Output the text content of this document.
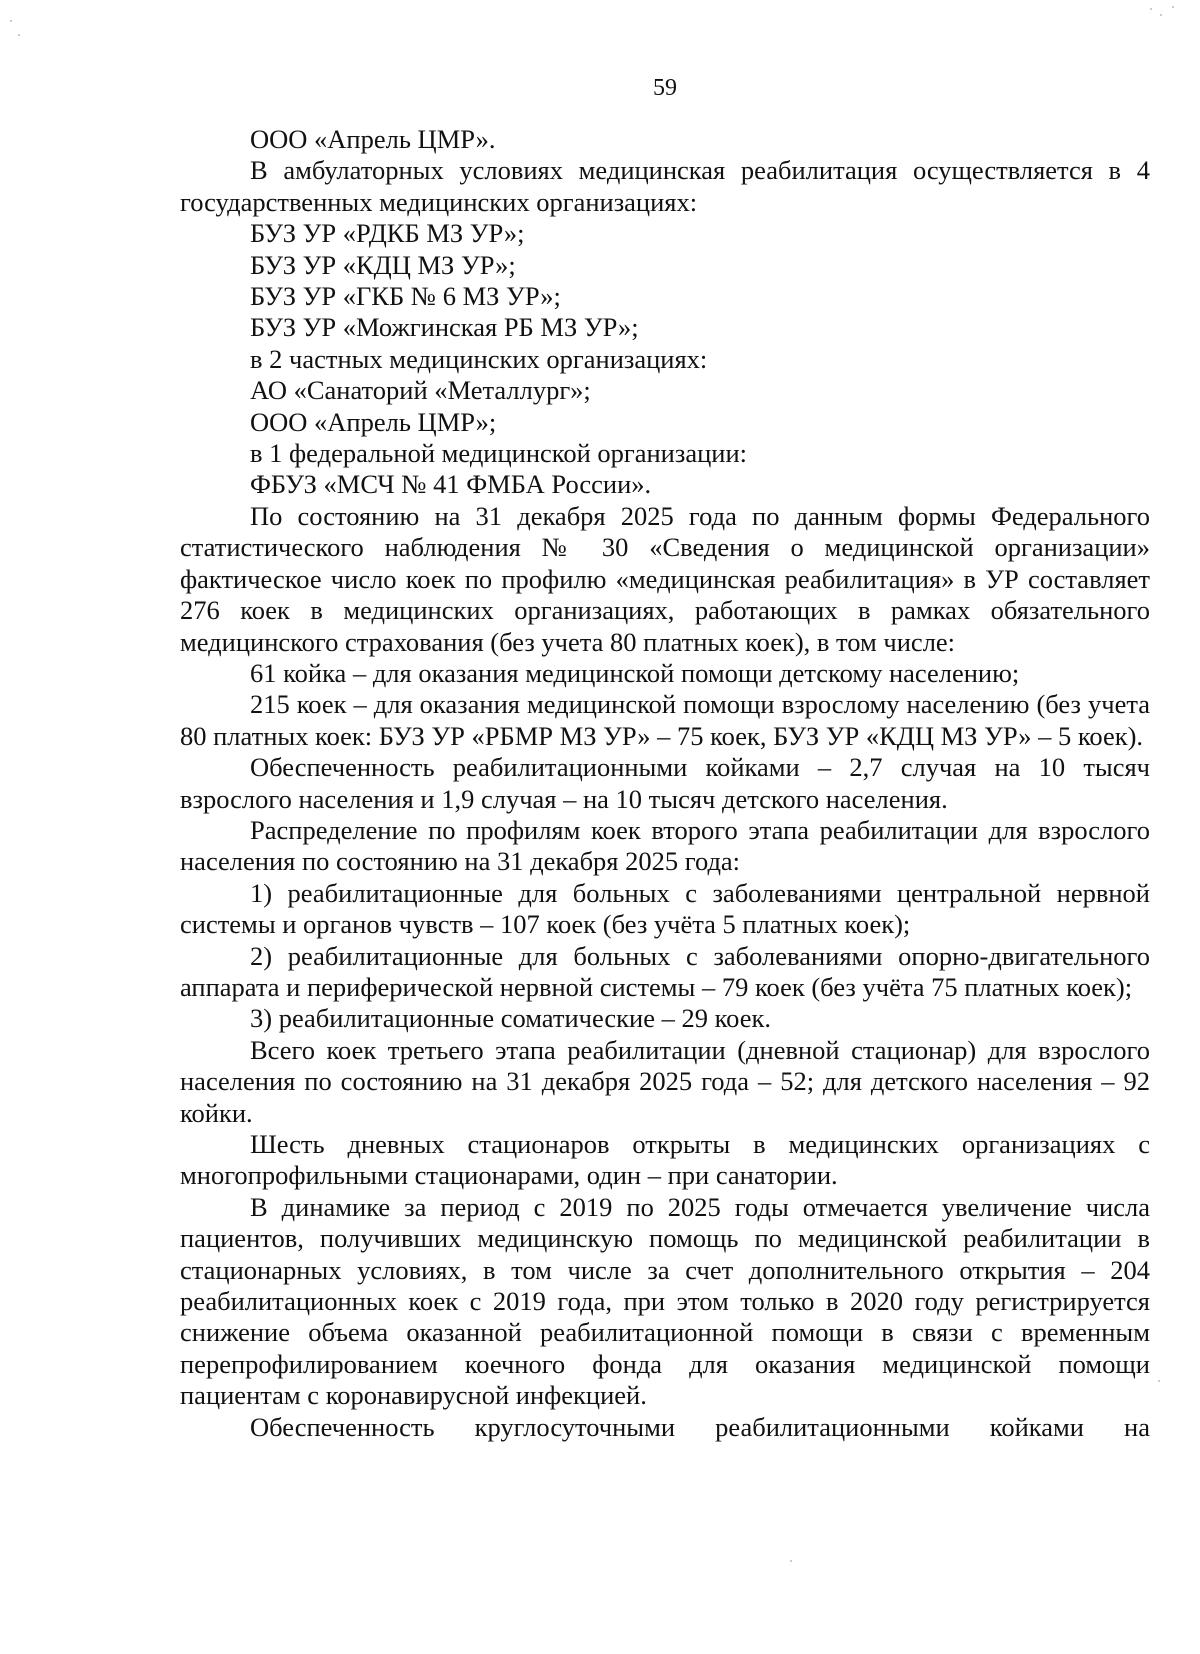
59

ООО «Апрель ЦМР».

В амбулаторных условиях медицинская реабилитация осуществляется в 4 государственных медицинских организациях:

БУЗ УР «РДКБ МЗ УР»;

БУЗ УР «КДЦ МЗ УР»;

БУЗ УР «ГКБ № 6 МЗ УР»;

БУЗ УР «Можгинская РБ МЗ УР»;

в 2 частных медицинских организациях:

АО «Санаторий «Металлург»;

ООО «Апрель ЦМР»;

в 1 федеральной медицинской организации:

ФБУЗ «МСЧ № 41 ФМБА России».

По состоянию на 31 декабря 2025 года по данным формы Федерального статистического наблюдения № 30 «Сведения о медицинской организации» фактическое число коек по профилю «медицинская реабилитация» в УР составляет 276 коек в медицинских организациях, работающих в рамках обязательного медицинского страхования (без учета 80 платных коек), в том числе:

61 койка – для оказания медицинской помощи детскому населению;

215 коек – для оказания медицинской помощи взрослому населению (без учета 80 платных коек: БУЗ УР «РБМР МЗ УР» – 75 коек, БУЗ УР «КДЦ МЗ УР» – 5 коек).

Обеспеченность реабилитационными койками – 2,7 случая на 10 тысяч взрослого населения и 1,9 случая – на 10 тысяч детского населения.

Распределение по профилям коек второго этапа реабилитации для взрослого населения по состоянию на 31 декабря 2025 года:

1) реабилитационные для больных с заболеваниями центральной нервной системы и органов чувств – 107 коек (без учёта 5 платных коек);

2) реабилитационные для больных с заболеваниями опорно-двигательного аппарата и периферической нервной системы – 79 коек (без учёта 75 платных коек);

3) реабилитационные соматические – 29 коек.

Всего коек третьего этапа реабилитации (дневной стационар) для взрослого населения по состоянию на 31 декабря 2025 года – 52; для детского населения – 92 койки.

Шесть дневных стационаров открыты в медицинских организациях с многопрофильными стационарами, один – при санатории.

В динамике за период с 2019 по 2025 годы отмечается увеличение числа пациентов, получивших медицинскую помощь по медицинской реабилитации в стационарных условиях, в том числе за счет дополнительного открытия – 204 реабилитационных коек с 2019 года, при этом только в 2020 году регистрируется снижение объема оказанной реабилитационной помощи в связи с временным перепрофилированием коечного фонда для оказания медицинской помощи пациентам с коронавирусной инфекцией.

Обеспеченность круглосуточными реабилитационными койками на
